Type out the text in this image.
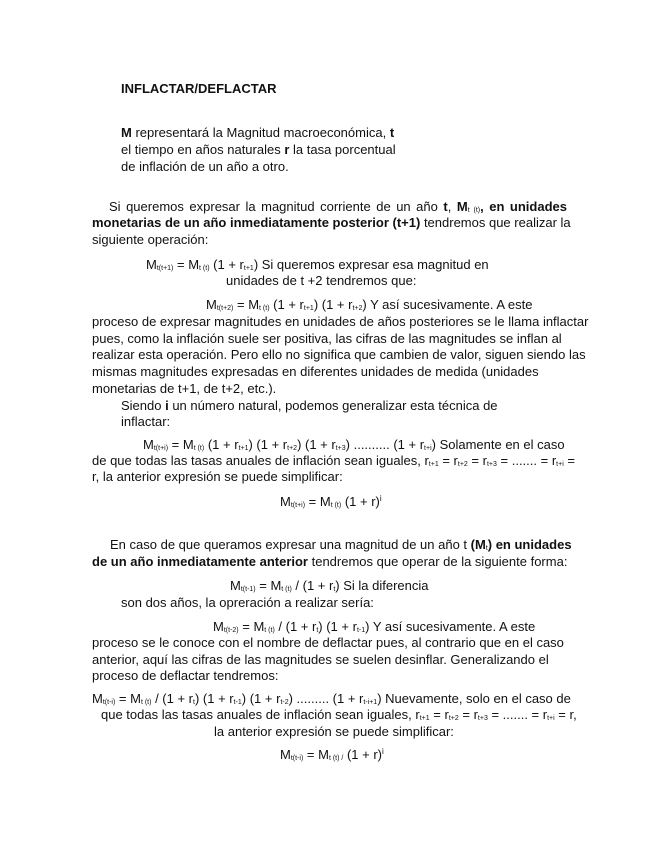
INFLACTAR/DEFLACTAR
M representará la Magnitud macroeconómica, t
el tiempo en años naturales r la tasa porcentual
de inflación de un año a otro.
Si queremos expresar la magnitud corriente de un año t, $M_{t (t)}$, en unidades
monetarias de un año inmediatamente posterior (t+1) tendremos que realizar la
siguiente operación:
$M_{t(t+1)} = M_{t (t)}$ $(1 + r_{t+1})$ Si queremos expresar esa magnitud en
unidades de t +2 tendremos que:
$M_{t(t+2)} = M_{t (t)}$ $(1 + r_{t+1})$ $(1 + r_{t+2})$ Y así sucesivamente. A este
proceso de expresar magnitudes en unidades de años posteriores se le llama inflactar
pues, como la inflación suele ser positiva, las cifras de las magnitudes se inflan al
realizar esta operación. Pero ello no significa que cambien de valor, siguen siendo las
mismas magnitudes expresadas en diferentes unidades de medida (unidades
monetarias de t+1, de t+2, etc.).
Siendo i un número natural, podemos generalizar esta técnica de
inflactar:
$M_{t(t+i)} = M_{t (t)}$ $(1 + r_{t+1})$ $(1 + r_{t+2})$ $(1 + r_{t+3})$ .......... $(1 + r_{t+i})$ Solamente en el caso
de que todas las tasas anuales de inflación sean iguales, $r_{t+1} = r_{t+2} = r_{t+3}$ = ....... = $r_{t+i}$ =
r, la anterior expresión se puede simplificar:
$M_{t(t+i)} = M_{t (t)}$ $(1 + r)^i$
En caso de que queramos expresar una magnitud de un año t $(M_t)$ en unidades
de un año inmediatamente anterior tendremos que operar de la siguiente forma:
$M_{t(t-1)} = M_{t (t)} / (1 + r_t)$ Si la diferencia
son dos años, la opreración a realizar sería:
$M_{t(t-2)} = M_{t (t)} / (1 + r_t) (1 + r_{t-1})$ Y así sucesivamente. A este
proceso se le conoce con el nombre de deflactar pues, al contrario que en el caso
anterior, aquí las cifras de las magnitudes se suelen desinflar. Generalizando el
proceso de deflactar tendremos:
$M_{t(t-i)} = M_{t (t)} / (1 + r_t) (1 + r_{t-1}) (1 + r_{t-2})$ ......... $(1 + r_{t-i+1})$ Nuevamente, solo en el caso de
que todas las tasas anuales de inflación sean iguales, $r_{t+1} = r_{t+2} = r_{t+3}$ = ....... = $r_{t+i} = r$,
la anterior expresión se puede simplificar:
$M_{t(t-i)} = M_{t (t) /}$ $(1 + r)^i$
